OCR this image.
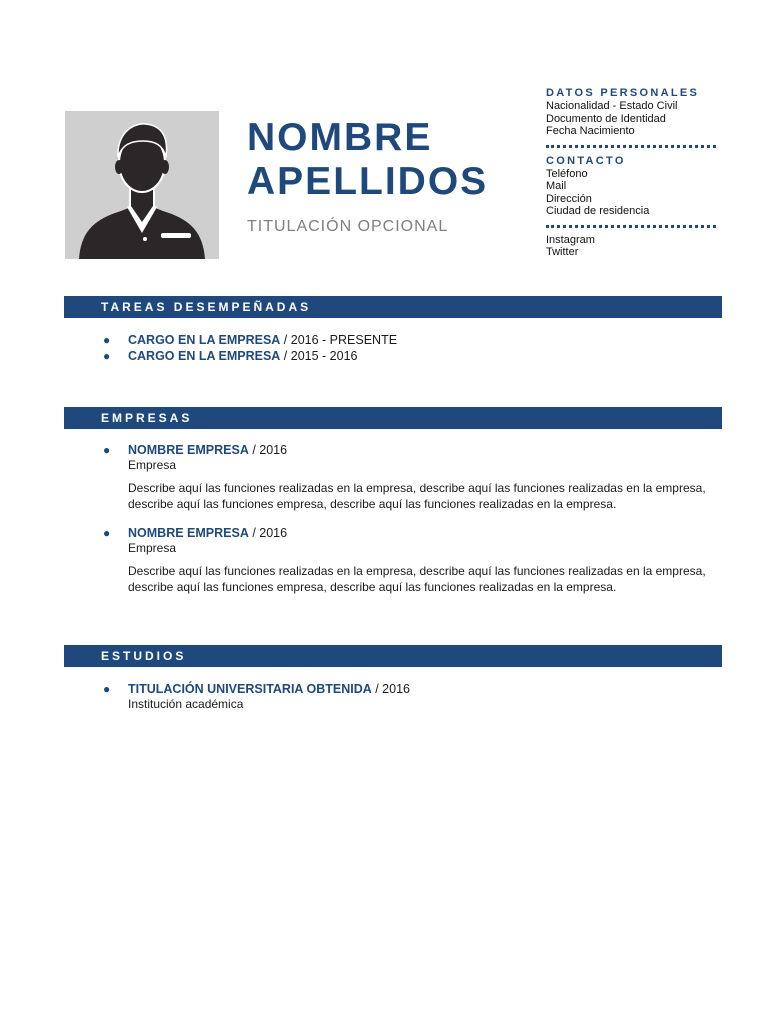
NOMBRE
APELLIDOS
TITULACIÓN OPCIONAL
DATOS PERSONALES
Nacionalidad - Estado Civil
Documento de Identidad
Fecha Nacimiento
CONTACTO
Teléfono
Mail
Dirección
Ciudad de residencia
Instagram
Twitter
TAREAS DESEMPEÑADAS
● CARGO EN LA EMPRESA / 2016 - PRESENTE
● CARGO EN LA EMPRESA / 2015 - 2016
EMPRESAS
● NOMBRE EMPRESA / 2016
Empresa
Describe aquí las funciones realizadas en la empresa, describe aquí las funciones realizadas en la empresa, describe aquí las funciones empresa, describe aquí las funciones realizadas en la empresa.
● NOMBRE EMPRESA / 2016
Empresa
Describe aquí las funciones realizadas en la empresa, describe aquí las funciones realizadas en la empresa, describe aquí las funciones empresa, describe aquí las funciones realizadas en la empresa.
ESTUDIOS
● TITULACIÓN UNIVERSITARIA OBTENIDA / 2016
Institución académica
